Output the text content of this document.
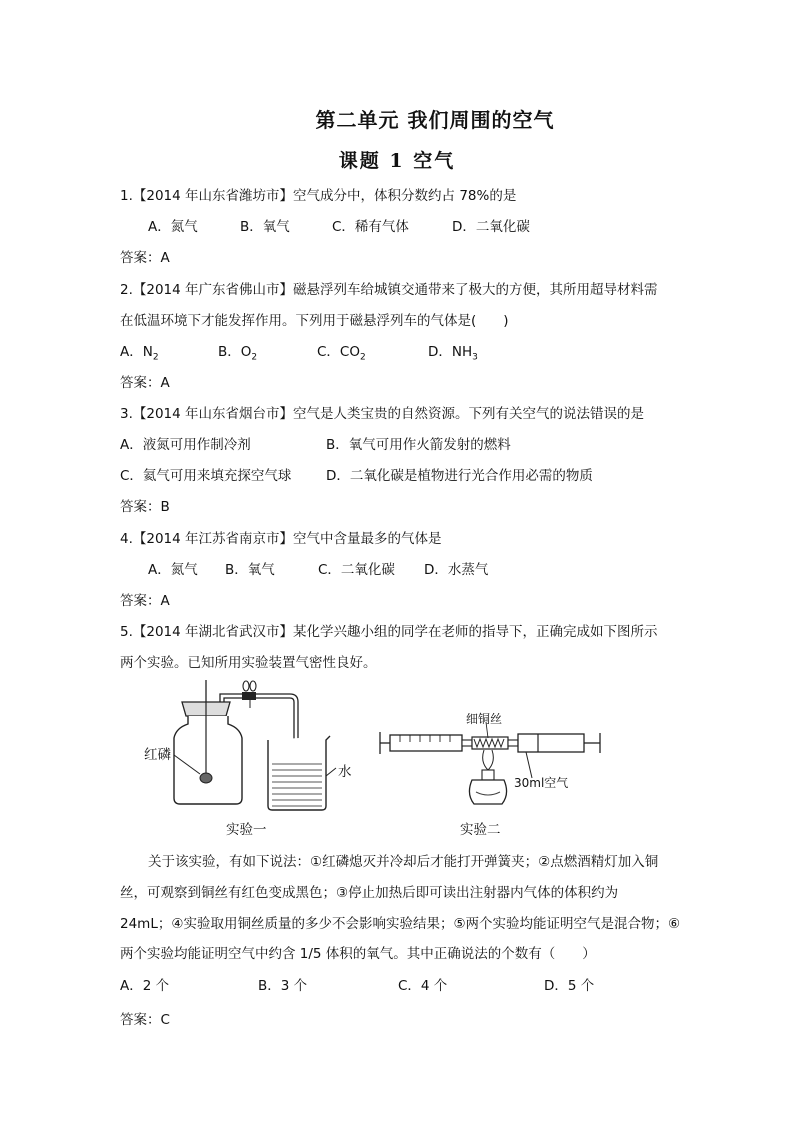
第二单元 我们周围的空气
课题 1 空气
1.【2014 年山东省潍坊市】空气成分中，体积分数约占 78%的是
A．氮气	B．氧气	C．稀有气体	D．二氧化碳
答案：A
2.【2014 年广东省佛山市】磁悬浮列车给城镇交通带来了极大的方便，其所用超导材料需
在低温环境下才能发挥作用。下列用于磁悬浮列车的气体是(　　)
A．$N_2$	B．$O_2$	C．$CO_2$	D．$NH_3$
答案：A
3.【2014 年山东省烟台市】空气是人类宝贵的自然资源。下列有关空气的说法错误的是
A．液氮可用作制冷剂	B．氧气可用作火箭发射的燃料
C．氦气可用来填充探空气球	D．二氧化碳是植物进行光合作用必需的物质
答案：B
4.【2014 年江苏省南京市】空气中含量最多的气体是
A．氮气 B．氧气	C．二氧化碳 D．水蒸气
答案：A
5.【2014 年湖北省武汉市】某化学兴趣小组的同学在老师的指导下，正确完成如下图所示
两个实验。已知所用实验装置气密性良好。
红磷
水
实验一
细铜丝
30ml空气
实验二
关于该实验，有如下说法：①红磷熄灭并冷却后才能打开弹簧夹；②点燃酒精灯加入铜
丝，可观察到铜丝有红色变成黑色；③停止加热后即可读出注射器内气体的体积约为
24mL；④实验取用铜丝质量的多少不会影响实验结果；⑤两个实验均能证明空气是混合物；⑥
两个实验均能证明空气中约含 1/5 体积的氧气。其中正确说法的个数有（　　）
A．2 个	B．3 个	C．4 个	D．5 个
答案：C
